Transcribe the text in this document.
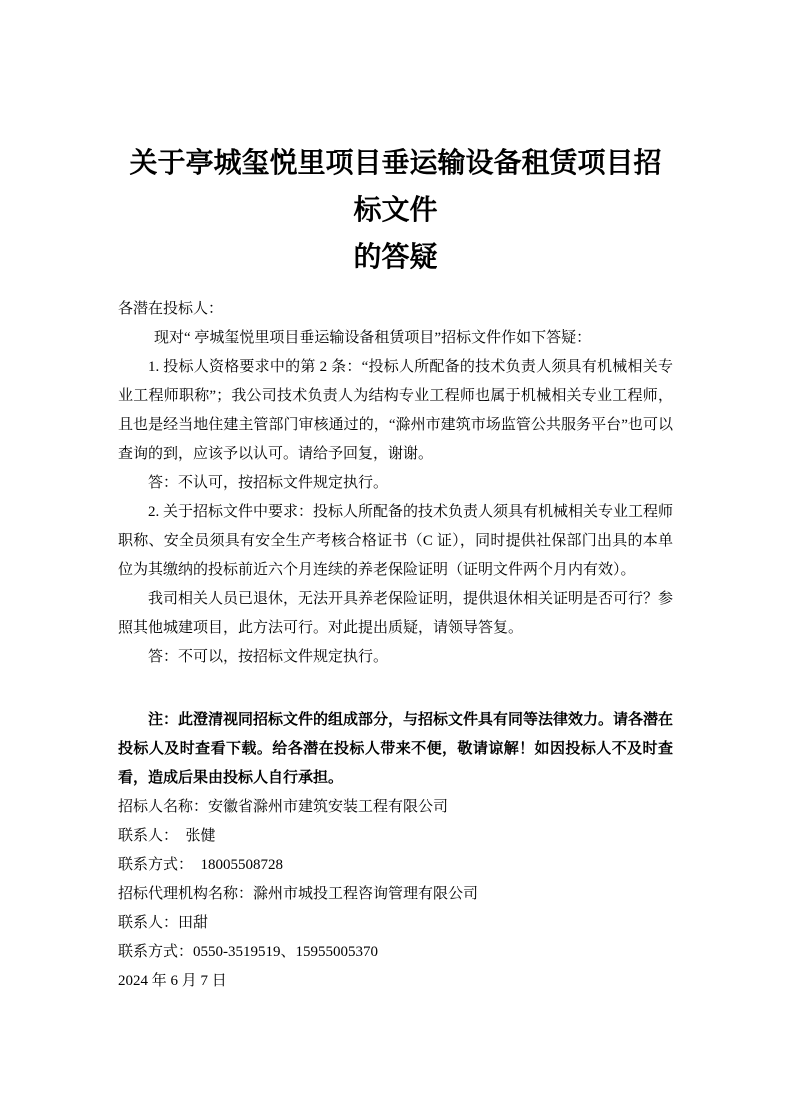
关于亭城玺悦里项目垂运输设备租赁项目招标文件
的答疑

各潜在投标人：

现对“ 亭城玺悦里项目垂运输设备租赁项目”招标文件作如下答疑：

1. 投标人资格要求中的第 2 条：“投标人所配备的技术负责人须具有机械相关专业工程师职称”；我公司技术负责人为结构专业工程师也属于机械相关专业工程师，且也是经当地住建主管部门审核通过的，“滁州市建筑市场监管公共服务平台”也可以查询的到，应该予以认可。请给予回复，谢谢。

答：不认可，按招标文件规定执行。

2. 关于招标文件中要求：投标人所配备的技术负责人须具有机械相关专业工程师职称、安全员须具有安全生产考核合格证书（C 证），同时提供社保部门出具的本单位为其缴纳的投标前近六个月连续的养老保险证明（证明文件两个月内有效）。

我司相关人员已退休，无法开具养老保险证明，提供退休相关证明是否可行？参照其他城建项目，此方法可行。对此提出质疑，请领导答复。

答：不可以，按招标文件规定执行。

注：此澄清视同招标文件的组成部分，与招标文件具有同等法律效力。请各潜在投标人及时查看下载。给各潜在投标人带来不便，敬请谅解！如因投标人不及时查看，造成后果由投标人自行承担。

招标人名称：安徽省滁州市建筑安装工程有限公司

联系人：　张健

联系方式：　18005508728

招标代理机构名称：滁州市城投工程咨询管理有限公司

联系人：田甜

联系方式：0550-3519519、15955005370

2024 年 6 月 7 日
